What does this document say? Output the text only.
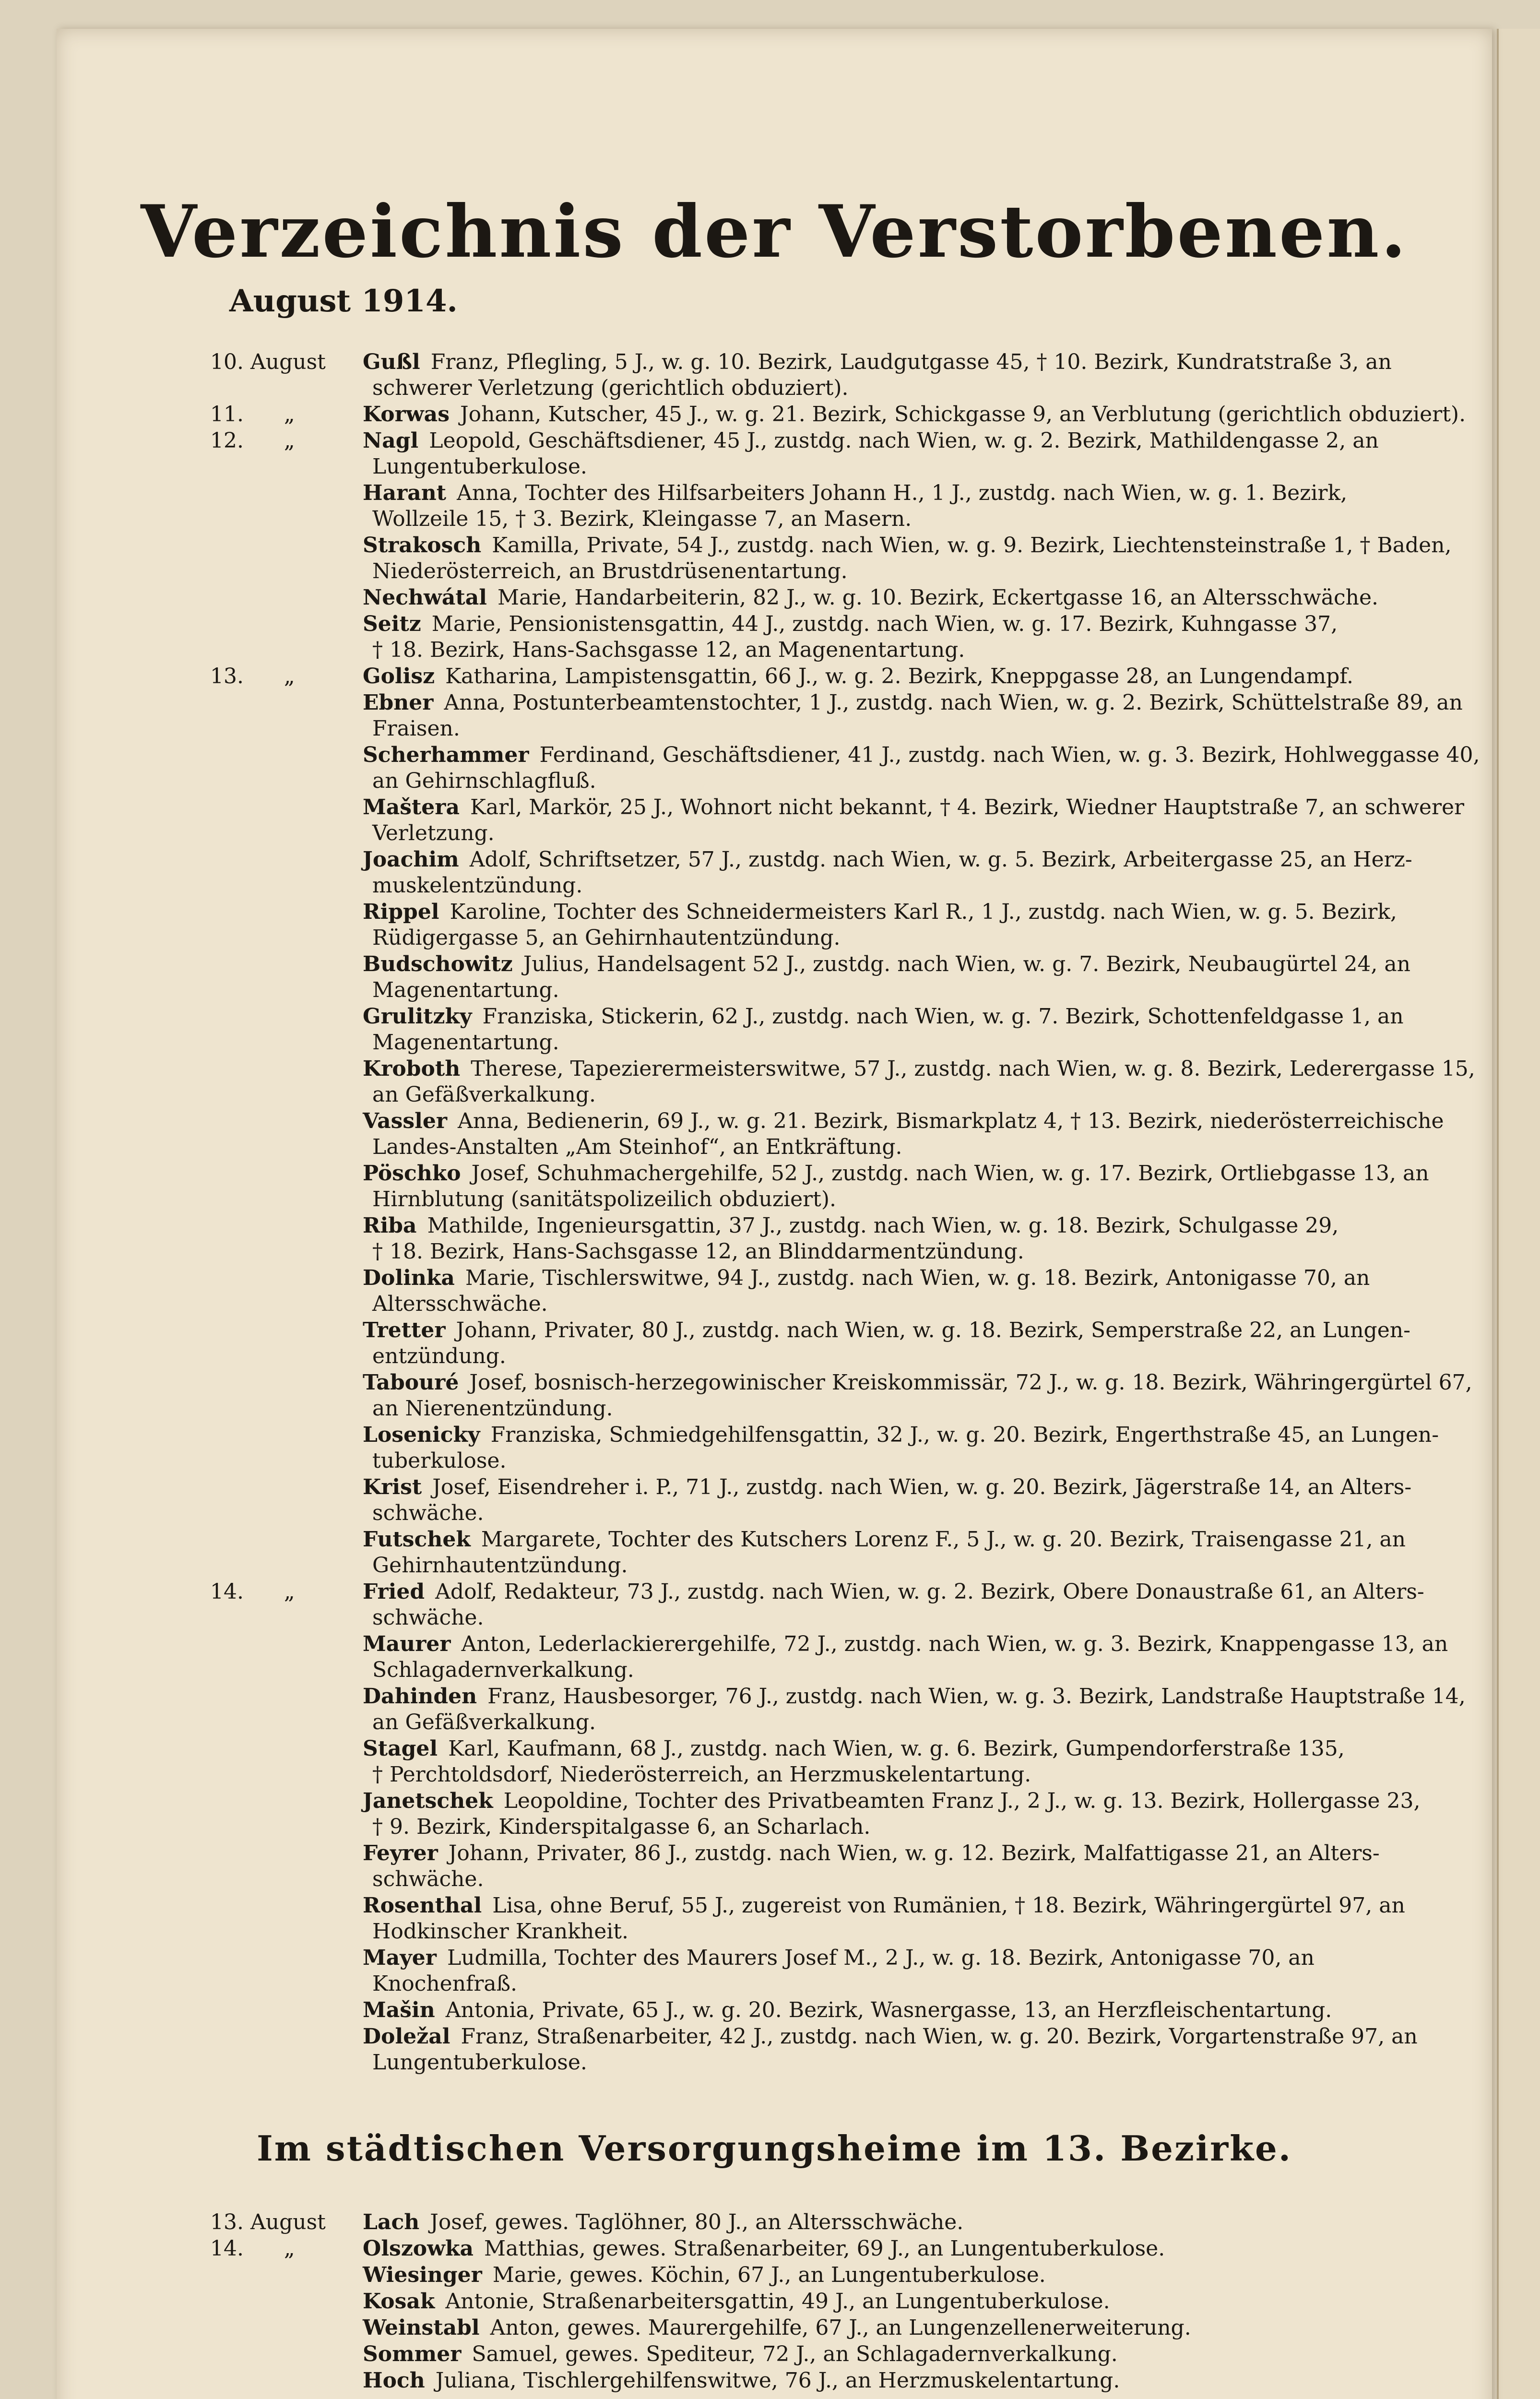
Verzeichnis der Verstorbenen.
August 1914.
10. August	Gußl Franz, Pflegling, 5 J., w. g. 10. Bezirk, Laudgutgasse 45, † 10. Bezirk, Kundratstraße 3, an
schwerer Verletzung (gerichtlich obduziert).
11.      „	Korwas Johann, Kutscher, 45 J., w. g. 21. Bezirk, Schickgasse 9, an Verblutung (gerichtlich obduziert).
12.      „	Nagl Leopold, Geschäftsdiener, 45 J., zustdg. nach Wien, w. g. 2. Bezirk, Mathildengasse 2, an
Lungentuberkulose.
Harant Anna, Tochter des Hilfsarbeiters Johann H., 1 J., zustdg. nach Wien, w. g. 1. Bezirk,
Wollzeile 15, † 3. Bezirk, Kleingasse 7, an Masern.
Strakosch Kamilla, Private, 54 J., zustdg. nach Wien, w. g. 9. Bezirk, Liechtensteinstraße 1, † Baden,
Niederösterreich, an Brustdrüsenentartung.
Nechwátal Marie, Handarbeiterin, 82 J., w. g. 10. Bezirk, Eckertgasse 16, an Altersschwäche.
Seitz Marie, Pensionistensgattin, 44 J., zustdg. nach Wien, w. g. 17. Bezirk, Kuhngasse 37,
† 18. Bezirk, Hans-Sachsgasse 12, an Magenentartung.
13.      „	Golisz Katharina, Lampistensgattin, 66 J., w. g. 2. Bezirk, Kneppgasse 28, an Lungendampf.
Ebner Anna, Postunterbeamtenstochter, 1 J., zustdg. nach Wien, w. g. 2. Bezirk, Schüttelstraße 89, an
Fraisen.
Scherhammer Ferdinand, Geschäftsdiener, 41 J., zustdg. nach Wien, w. g. 3. Bezirk, Hohlweggasse 40,
an Gehirnschlagfluß.
Maštera Karl, Markör, 25 J., Wohnort nicht bekannt, † 4. Bezirk, Wiedner Hauptstraße 7, an schwerer
Verletzung.
Joachim Adolf, Schriftsetzer, 57 J., zustdg. nach Wien, w. g. 5. Bezirk, Arbeitergasse 25, an Herz-
muskelentzündung.
Rippel Karoline, Tochter des Schneidermeisters Karl R., 1 J., zustdg. nach Wien, w. g. 5. Bezirk,
Rüdigergasse 5, an Gehirnhautentzündung.
Budschowitz Julius, Handelsagent 52 J., zustdg. nach Wien, w. g. 7. Bezirk, Neubaugürtel 24, an
Magenentartung.
Grulitzky Franziska, Stickerin, 62 J., zustdg. nach Wien, w. g. 7. Bezirk, Schottenfeldgasse 1, an
Magenentartung.
Kroboth Therese, Tapezierermeisterswitwe, 57 J., zustdg. nach Wien, w. g. 8. Bezirk, Lederergasse 15,
an Gefäßverkalkung.
Vassler Anna, Bedienerin, 69 J., w. g. 21. Bezirk, Bismarkplatz 4, † 13. Bezirk, niederösterreichische
Landes-Anstalten „Am Steinhof“, an Entkräftung.
Pöschko Josef, Schuhmachergehilfe, 52 J., zustdg. nach Wien, w. g. 17. Bezirk, Ortliebgasse 13, an
Hirnblutung (sanitätspolizeilich obduziert).
Riba Mathilde, Ingenieursgattin, 37 J., zustdg. nach Wien, w. g. 18. Bezirk, Schulgasse 29,
† 18. Bezirk, Hans-Sachsgasse 12, an Blinddarmentzündung.
Dolinka Marie, Tischlerswitwe, 94 J., zustdg. nach Wien, w. g. 18. Bezirk, Antonigasse 70, an
Altersschwäche.
Tretter Johann, Privater, 80 J., zustdg. nach Wien, w. g. 18. Bezirk, Semperstraße 22, an Lungen-
entzündung.
Tabouré Josef, bosnisch-herzegowinischer Kreiskommissär, 72 J., w. g. 18. Bezirk, Währingergürtel 67,
an Nierenentzündung.
Losenicky Franziska, Schmiedgehilfensgattin, 32 J., w. g. 20. Bezirk, Engerthstraße 45, an Lungen-
tuberkulose.
Krist Josef, Eisendreher i. P., 71 J., zustdg. nach Wien, w. g. 20. Bezirk, Jägerstraße 14, an Alters-
schwäche.
Futschek Margarete, Tochter des Kutschers Lorenz F., 5 J., w. g. 20. Bezirk, Traisengasse 21, an
Gehirnhautentzündung.
14.      „	Fried Adolf, Redakteur, 73 J., zustdg. nach Wien, w. g. 2. Bezirk, Obere Donaustraße 61, an Alters-
schwäche.
Maurer Anton, Lederlackierergehilfe, 72 J., zustdg. nach Wien, w. g. 3. Bezirk, Knappengasse 13, an
Schlagadernverkalkung.
Dahinden Franz, Hausbesorger, 76 J., zustdg. nach Wien, w. g. 3. Bezirk, Landstraße Hauptstraße 14,
an Gefäßverkalkung.
Stagel Karl, Kaufmann, 68 J., zustdg. nach Wien, w. g. 6. Bezirk, Gumpendorferstraße 135,
† Perchtoldsdorf, Niederösterreich, an Herzmuskelentartung.
Janetschek Leopoldine, Tochter des Privatbeamten Franz J., 2 J., w. g. 13. Bezirk, Hollergasse 23,
† 9. Bezirk, Kinderspitalgasse 6, an Scharlach.
Feyrer Johann, Privater, 86 J., zustdg. nach Wien, w. g. 12. Bezirk, Malfattigasse 21, an Alters-
schwäche.
Rosenthal Lisa, ohne Beruf, 55 J., zugereist von Rumänien, † 18. Bezirk, Währingergürtel 97, an
Hodkinscher Krankheit.
Mayer Ludmilla, Tochter des Maurers Josef M., 2 J., w. g. 18. Bezirk, Antonigasse 70, an
Knochenfraß.
Mašin Antonia, Private, 65 J., w. g. 20. Bezirk, Wasnergasse, 13, an Herzfleischentartung.
Doležal Franz, Straßenarbeiter, 42 J., zustdg. nach Wien, w. g. 20. Bezirk, Vorgartenstraße 97, an
Lungentuberkulose.
Im städtischen Versorgungsheime im 13. Bezirke.
13. August	Lach Josef, gewes. Taglöhner, 80 J., an Altersschwäche.
14.      „	Olszowka Matthias, gewes. Straßenarbeiter, 69 J., an Lungentuberkulose.
Wiesinger Marie, gewes. Köchin, 67 J., an Lungentuberkulose.
Kosak Antonie, Straßenarbeitersgattin, 49 J., an Lungentuberkulose.
Weinstabl Anton, gewes. Maurergehilfe, 67 J., an Lungenzellenerweiterung.
Sommer Samuel, gewes. Spediteur, 72 J., an Schlagadernverkalkung.
Hoch Juliana, Tischlergehilfenswitwe, 76 J., an Herzmuskelentartung.
